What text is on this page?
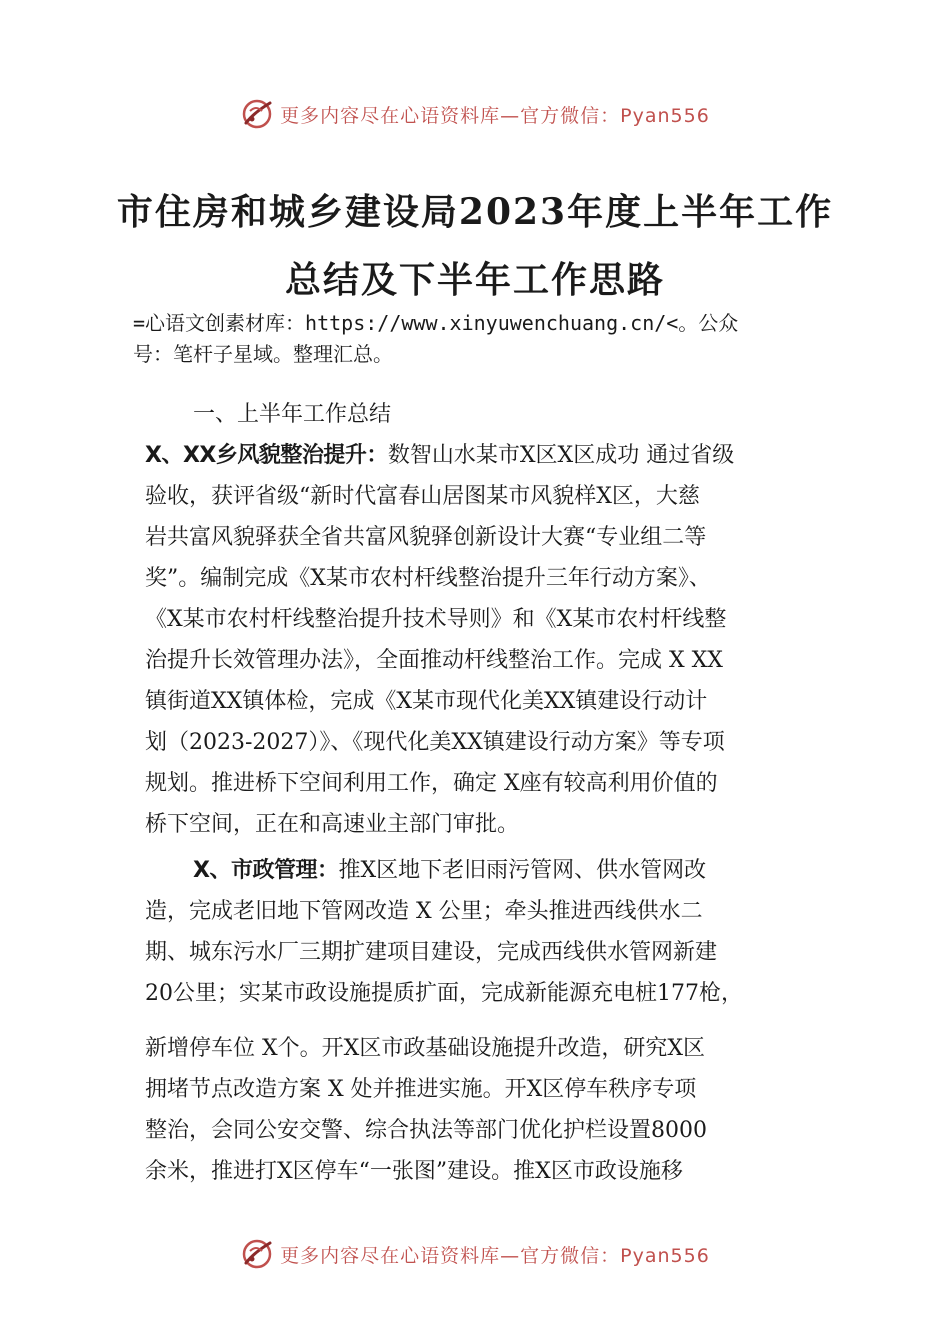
更多内容尽在心语资料库—官方微信：Pyan556
市住房和城乡建设局2023年度上半年工作
总结及下半年工作思路
=心语文创素材库：https://www.xinyuwenchuang.cn/<。公众
号：笔杆子星域。整理汇总。
一、上半年工作总结
X、XX乡风貌整治提升：数智山水某市X区X区成功 通过省级
验收，获评省级“新时代富春山居图某市风貌样X区，大慈
岩共富风貌驿获全省共富风貌驿创新设计大赛“专业组二等
奖”。编制完成《X某市农村杆线整治提升三年行动方案》、
《X某市农村杆线整治提升技术导则》和《X某市农村杆线整
治提升长效管理办法》，全面推动杆线整治工作。完成 X XX
镇街道XX镇体检，完成《X某市现代化美XX镇建设行动计
划（2023-2027）》、《现代化美XX镇建设行动方案》等专项
规划。推进桥下空间利用工作，确定 X座有较高利用价值的
桥下空间，正在和高速业主部门审批。
X、市政管理：推X区地下老旧雨污管网、供水管网改
造，完成老旧地下管网改造 X 公里；牵头推进西线供水二
期、城东污水厂三期扩建项目建设，完成西线供水管网新建
20公里；实某市政设施提质扩面，完成新能源充电桩177枪，
新增停车位 X个。开X区市政基础设施提升改造，研究X区
拥堵节点改造方案 X 处并推进实施。开X区停车秩序专项
整治，会同公安交警、综合执法等部门优化护栏设置8000
余米，推进打X区停车“一张图”建设。推X区市政设施移
更多内容尽在心语资料库—官方微信：Pyan556
